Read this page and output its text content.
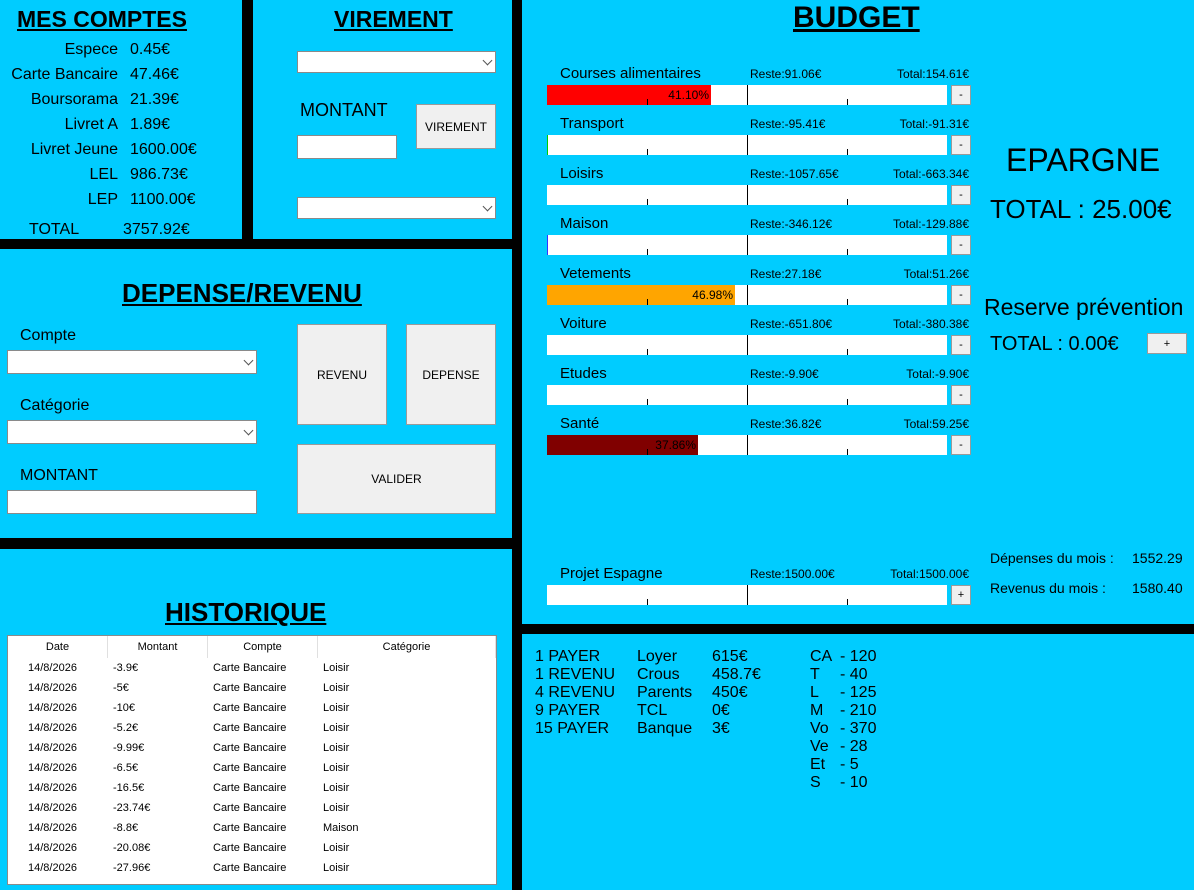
MES COMPTES
Espece 0.45€
Carte Bancaire 47.46€
Boursorama 21.39€
Livret A 1.89€
Livret Jeune 1600.00€
LEL 986.73€
LEP 1100.00€
TOTAL	3757.92€
VIREMENT
MONTANT
VIREMENT
DEPENSE/REVENU
Compte
Catégorie
MONTANT
REVENU	DEPENSE
VALIDER
HISTORIQUE
Date	Montant	Compte	Catégorie
14/8/2026	-3.9€	Carte Bancaire	Loisir
14/8/2026	-5€	Carte Bancaire	Loisir
14/8/2026	-10€	Carte Bancaire	Loisir
14/8/2026	-5.2€	Carte Bancaire	Loisir
14/8/2026	-9.99€	Carte Bancaire	Loisir
14/8/2026	-6.5€	Carte Bancaire	Loisir
14/8/2026	-16.5€	Carte Bancaire	Loisir
14/8/2026	-23.74€	Carte Bancaire	Loisir
14/8/2026	-8.8€	Carte Bancaire	Maison
14/8/2026	-20.08€	Carte Bancaire	Loisir
14/8/2026	-27.96€	Carte Bancaire	Loisir
BUDGET
Courses alimentaires	Reste:91.06€	Total:154.61€
41.10%	-
Transport	Reste:-95.41€	Total:-91.31€
-
Loisirs	Reste:-1057.65€	Total:-663.34€
-
Maison	Reste:-346.12€	Total:-129.88€
-
Vetements	Reste:27.18€	Total:51.26€
46.98%	-
Voiture	Reste:-651.80€	Total:-380.38€
-
Etudes	Reste:-9.90€	Total:-9.90€
-
Santé	Reste:36.82€	Total:59.25€
37.86%	-
Projet Espagne	Reste:1500.00€	Total:1500.00€
+
EPARGNE
TOTAL : 25.00€
Reserve prévention
TOTAL : 0.00€	+
Dépenses du mois : 1552.29
Revenus du mois : 1580.40
1 PAYER Loyer 615€
1 REVENU Crous 458.7€
4 REVENU Parents 450€
9 PAYER TCL	0€
15 PAYER Banque 3€
CA - 120
T - 40
L - 125
M - 210
Vo - 370
Ve - 28
Et - 5
S - 10
